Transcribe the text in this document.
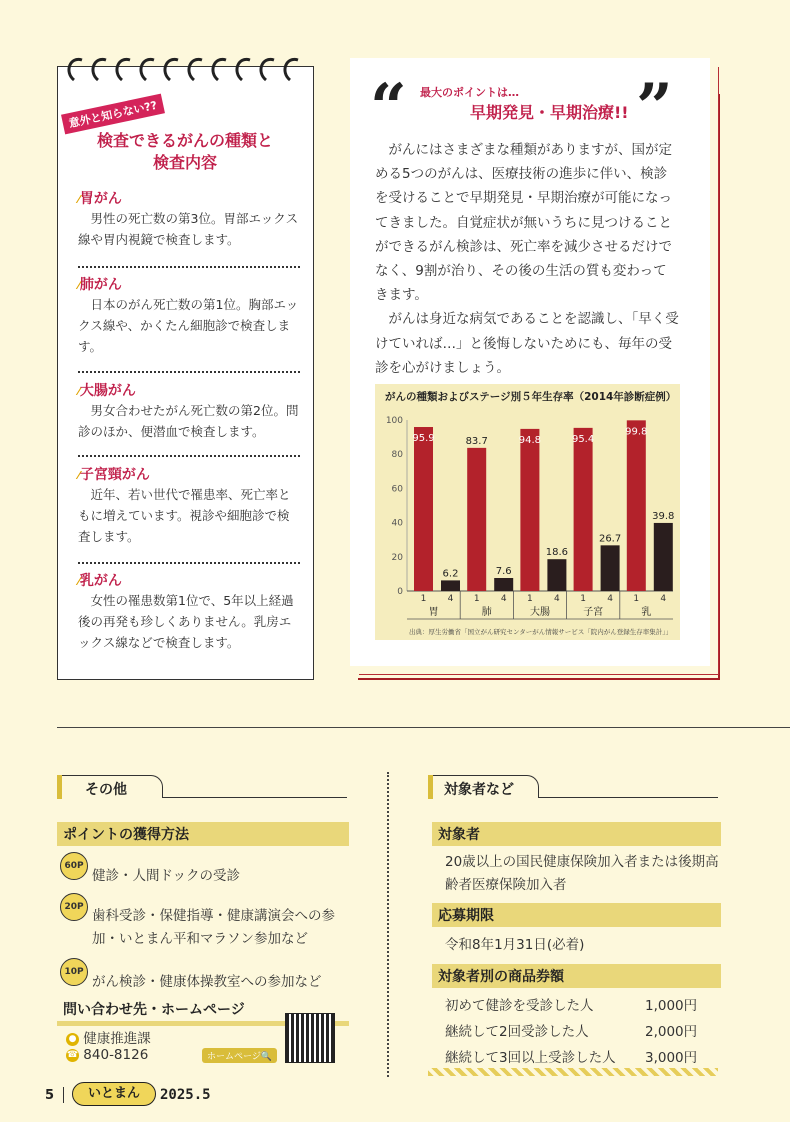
意外と知らない??
検査できるがんの種類と
検査内容
⁄胃がん
男性の死亡数の第3位。胃部エックス線や胃内視鏡で検査します。
⁄肺がん
日本のがん死亡数の第1位。胸部エックス線や、かくたん細胞診で検査します。
⁄大腸がん
男女合わせたがん死亡数の第2位。問診のほか、便潜血で検査します。
⁄子宮頸がん
近年、若い世代で罹患率、死亡率ともに増えています。視診や細胞診で検査します。
⁄乳がん
女性の罹患数第1位で、5年以上経過後の再発も珍しくありません。乳房エックス線などで検査します。
“	”
最大のポイントは…
早期発見・早期治療!!
がんにはさまざまな種類がありますが、国が定める5つのがんは、医療技術の進歩に伴い、検診を受けることで早期発見・早期治療が可能になってきました。自覚症状が無いうちに見つけることができるがん検診は、死亡率を減少させるだけでなく、9割が治り、その後の生活の質も変わってきます。
がんは身近な病気であることを認識し、「早く受けていれば…」と後悔しないためにも、毎年の受診を心がけましょう。
がんの種類およびステージ別５年生存率（2014年診断症例）
0
20
40
60
80
100
95.9
6.2
1 4
胃
83.7
7.6
1 4
肺
94.8
18.6
1 4
大腸
95.4
26.7
1 4
子宮
99.8
39.8
1 4
乳
出典：厚生労働省「国立がん研究センターがん情報サービス「院内がん登録生存率集計」」
その他
ポイントの獲得方法
60P
健診・人間ドックの受診
20P
歯科受診・保健指導・健康講演会への参加・いとまん平和マラソン参加など
10P
がん検診・健康体操教室への参加など
問い合わせ先・ホームページ
● 健康推進課
☎ 840-8126	ホームページ🔍
対象者など
対象者
20歳以上の国民健康保険加入者または後期高齢者医療保険加入者
応募期限
令和8年1月31日(必着)
対象者別の商品券額
初めて健診を受診した人	1,000円
継続して2回受診した人	2,000円
継続して3回以上受診した人 3,000円
5	いとまん	2025.5
